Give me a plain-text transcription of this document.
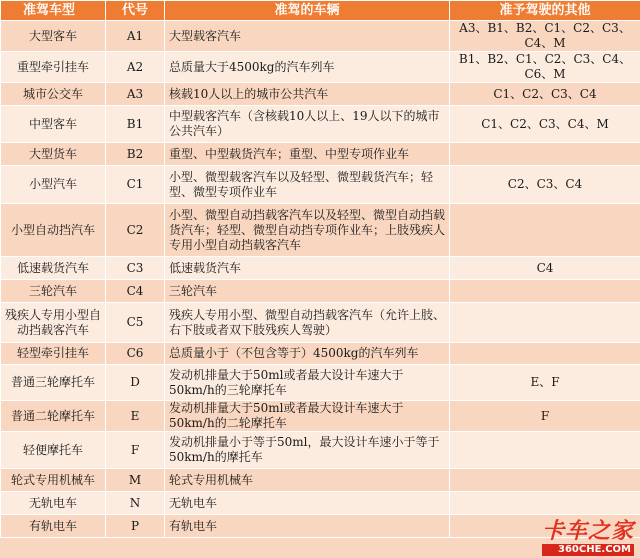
准驾车型	代号	准驾的车辆	准予驾驶的其他
大型客车	A1	大型载客汽车	A3、B1、B2、C1、C2、C3、C4、M
重型牵引挂车	A2	总质量大于4500kg的汽车列车	B1、B2、C1、C2、C3、C4、C6、M
城市公交车	A3	核载10人以上的城市公共汽车	C1、C2、C3、C4
中型客车	B1	中型载客汽车（含核载10人以上、19人以下的城市公共汽车）	C1、C2、C3、C4、M
大型货车	B2	重型、中型载货汽车；重型、中型专项作业车	
小型汽车	C1	小型、微型载客汽车以及轻型、微型载货汽车；轻型、微型专项作业车	C2、C3、C4
小型自动挡汽车	C2	小型、微型自动挡载客汽车以及轻型、微型自动挡载货汽车；轻型、微型自动挡专项作业车；上肢残疾人专用小型自动挡载客汽车	
低速载货汽车	C3	低速载货汽车	C4
三轮汽车	C4	三轮汽车	
残疾人专用小型自动挡载客汽车	C5	残疾人专用小型、微型自动挡载客汽车（允许上肢、右下肢或者双下肢残疾人驾驶）	
轻型牵引挂车	C6	总质量小于（不包含等于）4500kg的汽车列车	
普通三轮摩托车	D	发动机排量大于50ml或者最大设计车速大于50km/h的三轮摩托车	E、F
普通二轮摩托车	E	发动机排量大于50ml或者最大设计车速大于50km/h的二轮摩托车	F
轻便摩托车	F	发动机排量小于等于50ml，最大设计车速小于等于50km/h的摩托车	
轮式专用机械车	M	轮式专用机械车	
无轨电车	N	无轨电车	
有轨电车	P	有轨电车		卡车之家
360CHE.COM
